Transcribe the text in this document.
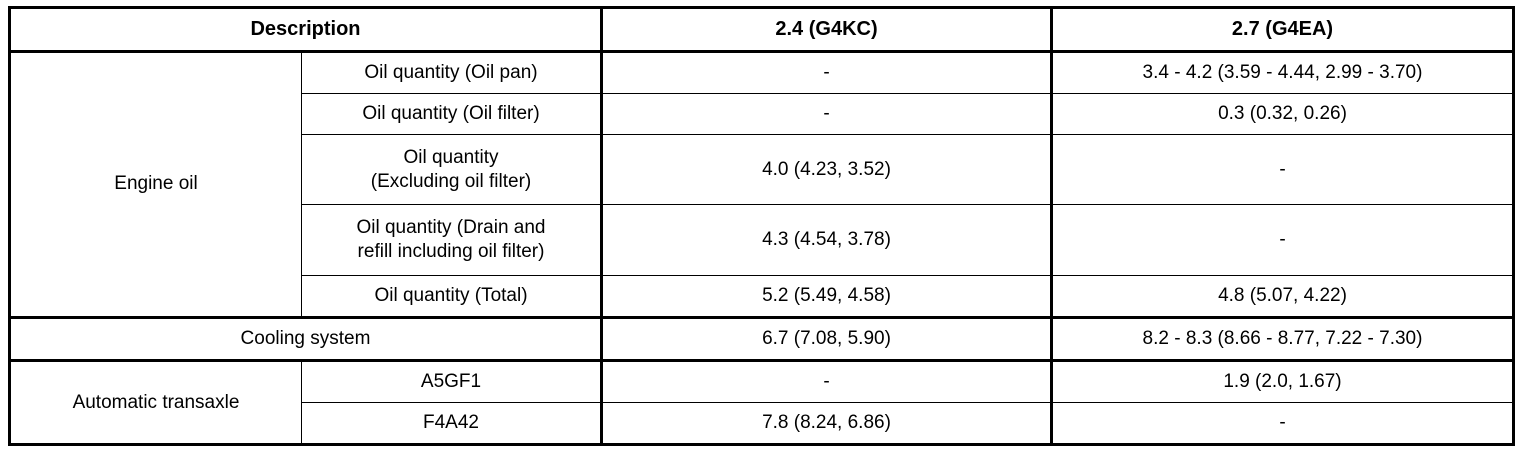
Description		2.4 (G4KC)	2.7 (G4EA)
Engine oil	Oil quantity (Oil pan)	-	3.4 - 4.2 (3.59 - 4.44, 2.99 - 3.70)
	Oil quantity (Oil filter)	-	0.3 (0.32, 0.26)

	Oil quantity
(Excluding oil filter)	4.0 (4.23, 3.52)	-

	Oil quantity (Drain and
refill including oil filter)	4.3 (4.54, 3.78)	-
	Oil quantity (Total)	5.2 (5.49, 4.58)	4.8 (5.07, 4.22)
Cooling system		6.7 (7.08, 5.90)	8.2 - 8.3 (8.66 - 8.77, 7.22 - 7.30)
Automatic transaxle	A5GF1	-	1.9 (2.0, 1.67)
	F4A42	7.8 (8.24, 6.86)	-
